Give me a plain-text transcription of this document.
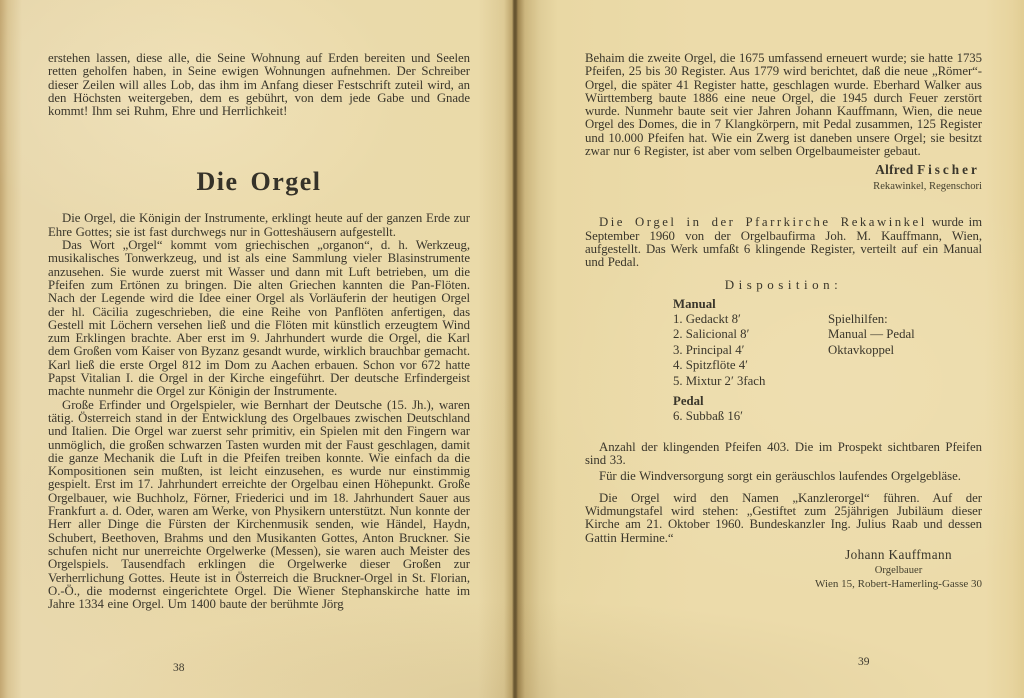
erstehen lassen, diese alle, die Seine Wohnung auf Erden bereiten und Seelen retten geholfen haben, in Seine ewigen Wohnungen aufnehmen. Der Schreiber dieser Zeilen will alles Lob, das ihm im Anfang dieser Festschrift zuteil wird, an den Höchsten weitergeben, dem es gebührt, von dem jede Gabe und Gnade kommt! Ihm sei Ruhm, Ehre und Herrlichkeit!

Die Orgel

Die Orgel, die Königin der Instrumente, erklingt heute auf der ganzen Erde zur Ehre Gottes; sie ist fast durchwegs nur in Gotteshäusern aufgestellt.

Das Wort „Orgel“ kommt vom griechischen „organon“, d. h. Werkzeug, musikalisches Tonwerkzeug, und ist als eine Sammlung vieler Blasinstrumente anzusehen. Sie wurde zuerst mit Wasser und dann mit Luft betrieben, um die Pfeifen zum Ertönen zu bringen. Die alten Griechen kannten die Pan-Flöten. Nach der Legende wird die Idee einer Orgel als Vorläuferin der heutigen Orgel der hl. Cäcilia zugeschrieben, die eine Reihe von Panflöten anfertigen, das Gestell mit Löchern versehen ließ und die Flöten mit künstlich erzeugtem Wind zum Erklingen brachte. Aber erst im 9. Jahrhundert wurde die Orgel, die Karl dem Großen vom Kaiser von Byzanz gesandt wurde, wirklich brauchbar gemacht. Karl ließ die erste Orgel 812 im Dom zu Aachen erbauen. Schon vor 672 hatte Papst Vitalian I. die Orgel in der Kirche eingeführt. Der deutsche Erfindergeist machte nunmehr die Orgel zur Königin der Instrumente.

Große Erfinder und Orgelspieler, wie Bernhart der Deutsche (15. Jh.), waren tätig. Österreich stand in der Entwicklung des Orgelbaues zwischen Deutschland und Italien. Die Orgel war zuerst sehr primitiv, ein Spielen mit den Fingern war unmöglich, die großen schwarzen Tasten wurden mit der Faust geschlagen, damit die ganze Mechanik die Luft in die Pfeifen treiben konnte. Wie einfach da die Kompositionen sein mußten, ist leicht einzusehen, es wurde nur einstimmig gespielt. Erst im 17. Jahrhundert erreichte der Orgelbau einen Höhepunkt. Große Orgelbauer, wie Buchholz, Förner, Friederici und im 18. Jahrhundert Sauer aus Frankfurt a. d. Oder, waren am Werke, von Physikern unterstützt. Nun konnte der Herr aller Dinge die Fürsten der Kirchenmusik senden, wie Händel, Haydn, Schubert, Beethoven, Brahms und den Musikanten Gottes, Anton Bruckner. Sie schufen nicht nur unerreichte Orgelwerke (Messen), sie waren auch Meister des Orgelspiels. Tausendfach erklingen die Orgelwerke dieser Großen zur Verherrlichung Gottes. Heute ist in Österreich die Bruckner-Orgel in St. Florian, O.-Ö., die modernst eingerichtete Orgel. Die Wiener Stephanskirche hatte im Jahre 1334 eine Orgel. Um 1400 baute der berühmte Jörg

38

Behaim die zweite Orgel, die 1675 umfassend erneuert wurde; sie hatte 1735 Pfeifen, 25 bis 30 Register. Aus 1779 wird berichtet, daß die neue „Römer“-Orgel, die später 41 Register hatte, geschlagen wurde. Eberhard Walker aus Württemberg baute 1886 eine neue Orgel, die 1945 durch Feuer zerstört wurde. Nunmehr baute seit vier Jahren Johann Kauffmann, Wien, die neue Orgel des Domes, die in 7 Klangkörpern, mit Pedal zusammen, 125 Register und 10.000 Pfeifen hat. Wie ein Zwerg ist daneben unsere Orgel; sie besitzt zwar nur 6 Register, ist aber vom selben Orgelbaumeister gebaut.

Alfred Fischer
Rekawinkel, Regenschori

Die Orgel in der Pfarrkirche Rekawinkel wurde im September 1960 von der Orgelbaufirma Joh. M. Kauffmann, Wien, aufgestellt. Das Werk umfaßt 6 klingende Register, verteilt auf ein Manual und Pedal.

Disposition:
Manual
1. Gedackt 8′
2. Salicional 8′
3. Principal 4′
4. Spitzflöte 4′
5. Mixtur 2′ 3fach
Pedal
6. Subbaß 16′
Spielhilfen:
Manual — Pedal
Oktavkoppel

Anzahl der klingenden Pfeifen 403. Die im Prospekt sichtbaren Pfeifen sind 33.

Für die Windversorgung sorgt ein geräuschlos laufendes Orgelgebläse.

Die Orgel wird den Namen „Kanzlerorgel“ führen. Auf der Widmungstafel wird stehen: „Gestiftet zum 25jährigen Jubiläum dieser Kirche am 21. Oktober 1960. Bundeskanzler Ing. Julius Raab und dessen Gattin Hermine.“

Johann Kauffmann
Orgelbauer
Wien 15, Robert-Hamerling-Gasse 30
39
